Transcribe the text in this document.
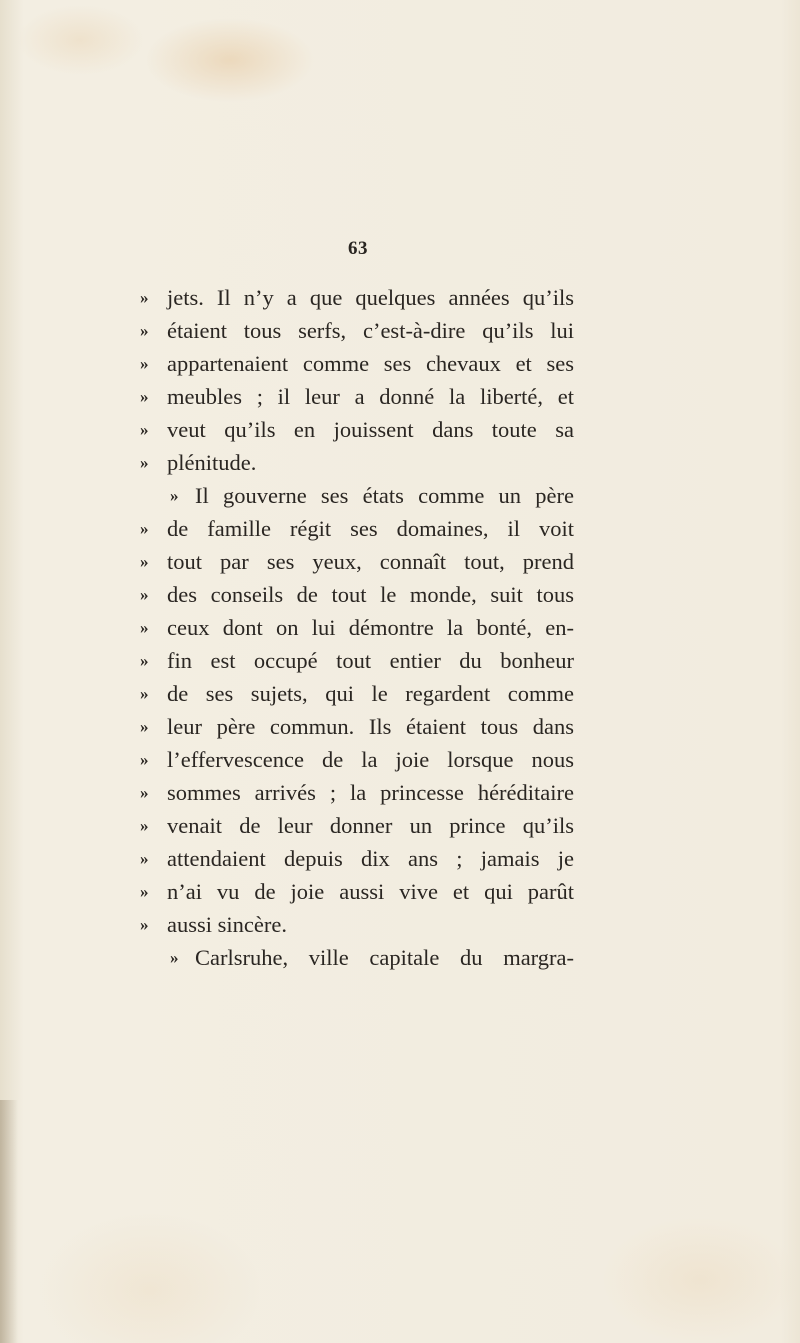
63
» jets. Il n’y a que quelques années qu’ils
» étaient tous serfs, c’est-à-dire qu’ils lui
» appartenaient comme ses chevaux et ses
» meubles ; il leur a donné la liberté, et
» veut qu’ils en jouissent dans toute sa
» plénitude.
» Il gouverne ses états comme un père
» de famille régit ses domaines, il voit
» tout par ses yeux, connaît tout, prend
» des conseils de tout le monde, suit tous
» ceux dont on lui démontre la bonté, en-
» fin est occupé tout entier du bonheur
» de ses sujets, qui le regardent comme
» leur père commun. Ils étaient tous dans
» l’effervescence de la joie lorsque nous
» sommes arrivés ; la princesse héréditaire
» venait de leur donner un prince qu’ils
» attendaient depuis dix ans ; jamais je
» n’ai vu de joie aussi vive et qui parût
» aussi sincère.
» Carlsruhe, ville capitale du margra-
